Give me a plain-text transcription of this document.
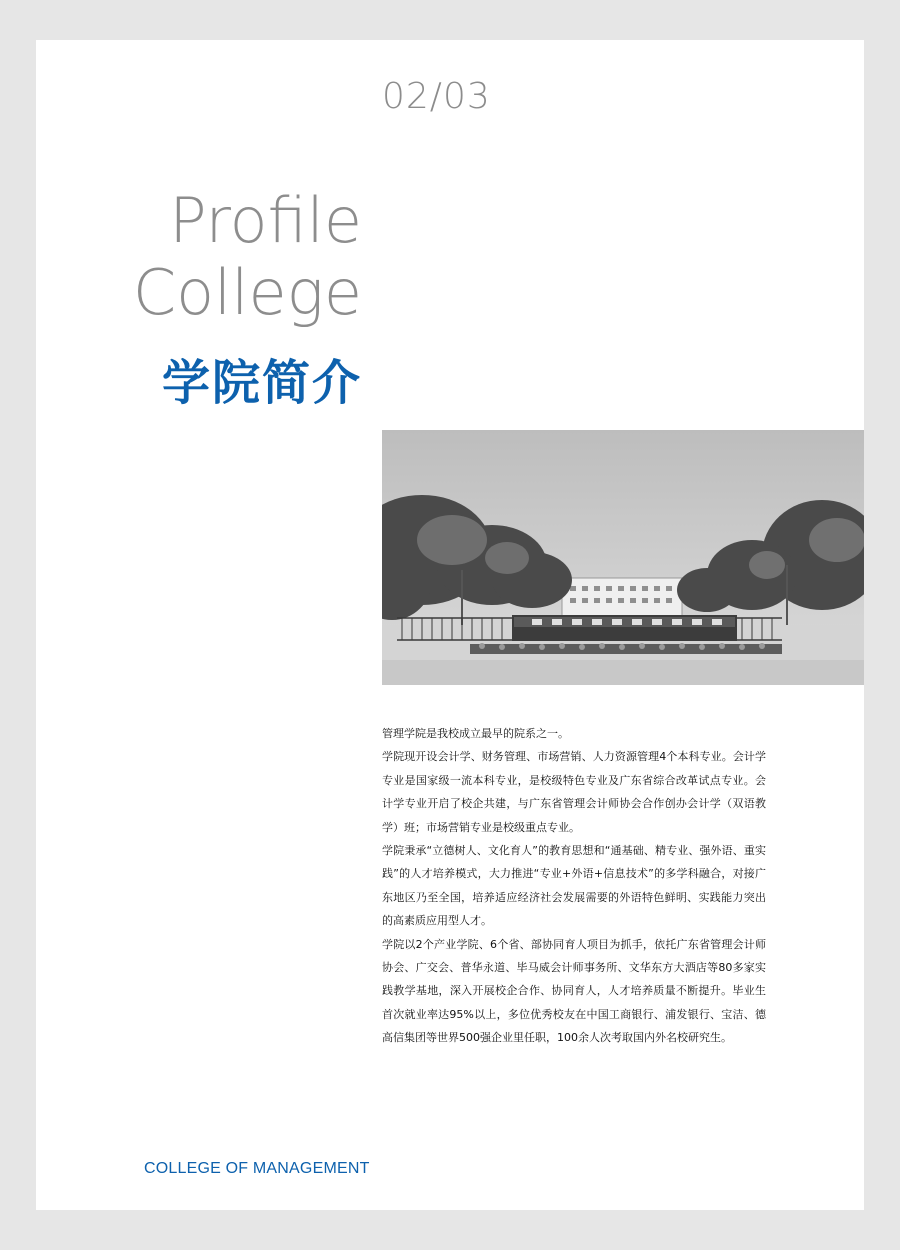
02/03
Profile
College
学院简介

管理学院是我校成立最早的院系之一。

学院现开设会计学、财务管理、市场营销、人力资源管理4个本科专业。会计学专业是国家级一流本科专业，是校级特色专业及广东省综合改革试点专业。会计学专业开启了校企共建，与广东省管理会计师协会合作创办会计学（双语教学）班；市场营销专业是校级重点专业。

学院秉承“立德树人、文化育人”的教育思想和“通基础、精专业、强外语、重实践”的人才培养模式，大力推进“专业+外语+信息技术”的多学科融合，对接广东地区乃至全国，培养适应经济社会发展需要的外语特色鲜明、实践能力突出的高素质应用型人才。

学院以2个产业学院、6个省、部协同育人项目为抓手，依托广东省管理会计师协会、广交会、普华永道、毕马威会计师事务所、文华东方大酒店等80多家实践教学基地，深入开展校企合作、协同育人，人才培养质量不断提升。毕业生首次就业率达95%以上，多位优秀校友在中国工商银行、浦发银行、宝洁、德高信集团等世界500强企业里任职，100余人次考取国内外名校研究生。

COLLEGE OF MANAGEMENT
